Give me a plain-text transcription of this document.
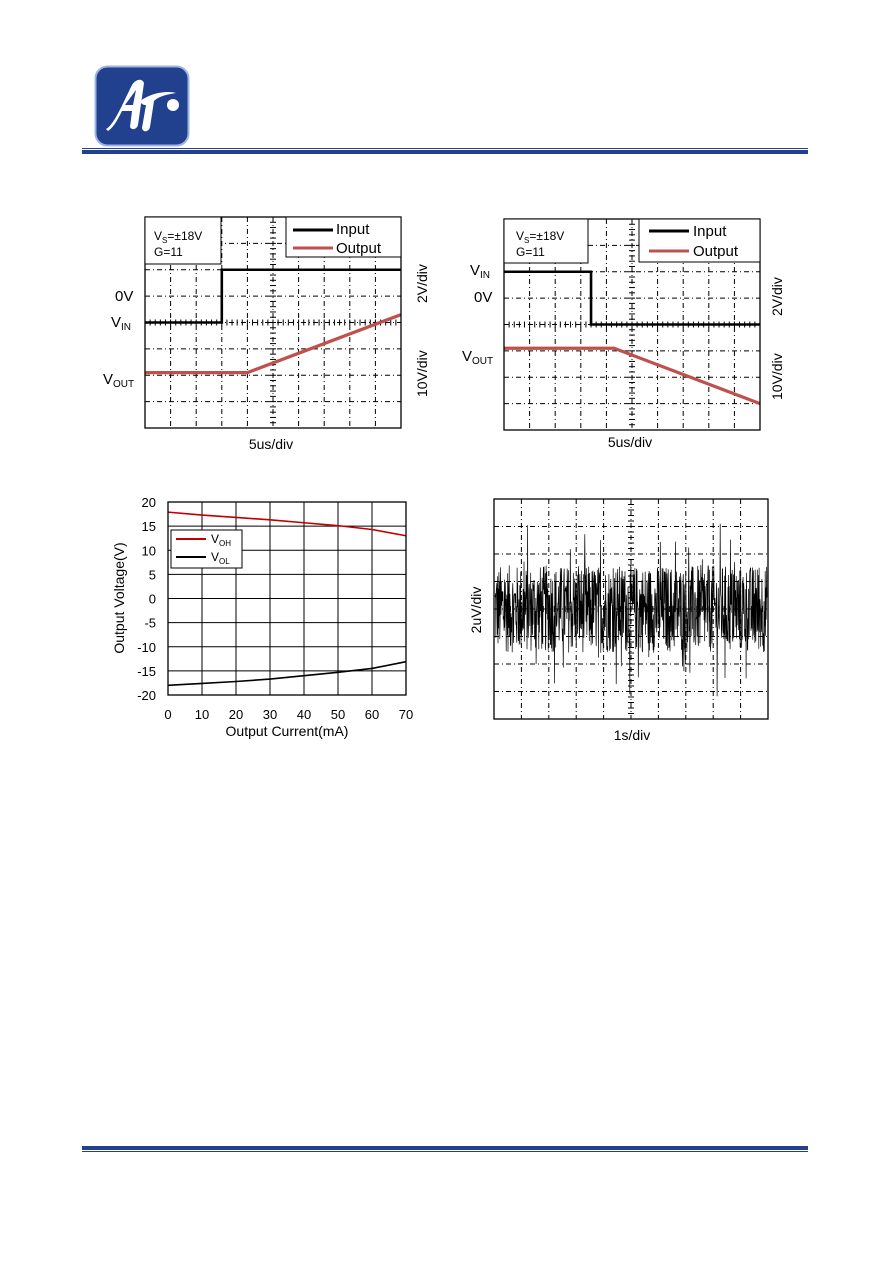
$V_S=\pm 18V$
G=11
Input
Output
0V
$V_{IN}$
$V_{OUT}$
2V/div
10V/div
5us/div
$V_S=\pm 18V$
G=11
Input
Output
$V_{IN}$
0V
$V_{OUT}$
2V/div
10V/div
5us/div
0 10 20 30 40 50 60 70
20
15
10
5
0
-5
-10
-15
-20
$V_{OH}$
$V_{OL}$
Output Current(mA)
Output Voltage(V)
1s/div
2uV/div
